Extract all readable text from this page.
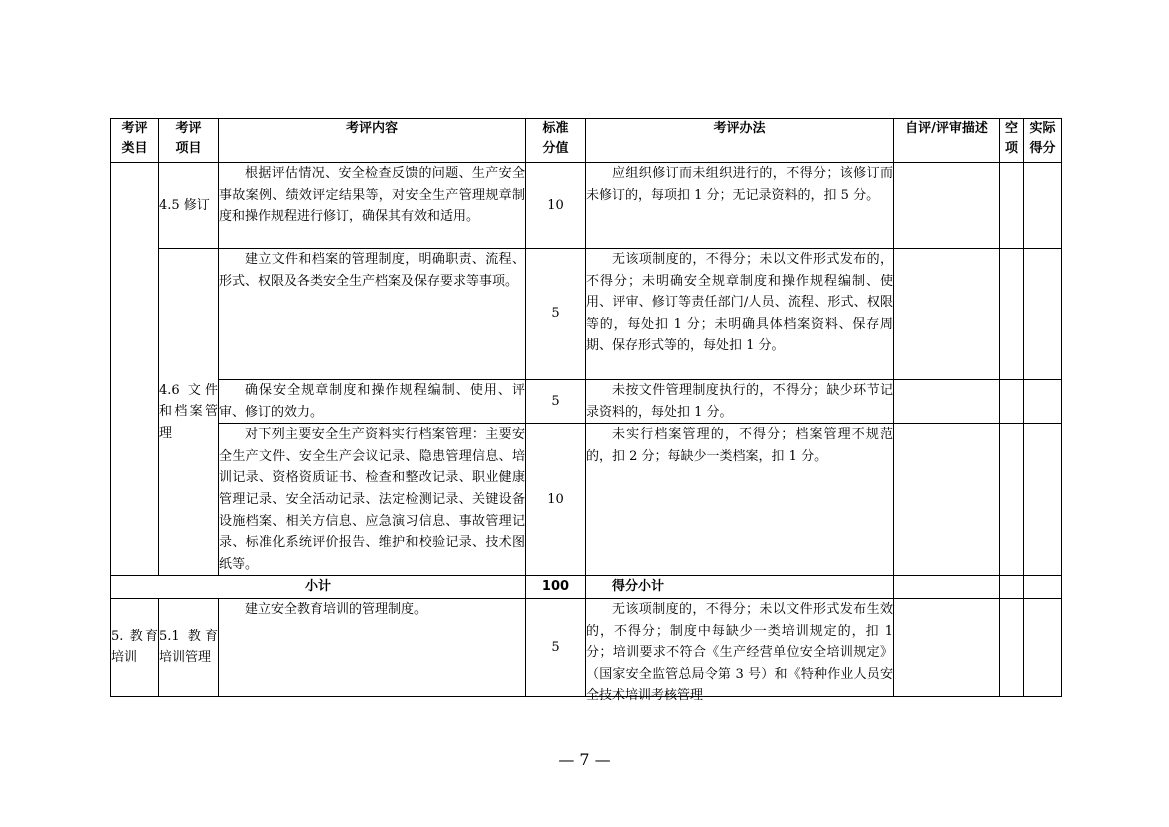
考评类目	考评项目	考评内容	标准分值	考评办法	自评/评审描述	空项	实际得分
	4.5 修订	根据评估情况、安全检查反馈的问题、生产安全事故案例、绩效评定结果等，对安全生产管理规章制度和操作规程进行修订，确保其有效和适用。	10	应组织修订而未组织进行的，不得分；该修订而未修订的，每项扣 1 分；无记录资料的，扣 5 分。			
	4.6 文件和档案管理	建立文件和档案的管理制度，明确职责、流程、形式、权限及各类安全生产档案及保存要求等事项。	5	无该项制度的，不得分；未以文件形式发布的，不得分；未明确安全规章制度和操作规程编制、使用、评审、修订等责任部门/人员、流程、形式、权限等的，每处扣 1 分；未明确具体档案资料、保存周期、保存形式等的，每处扣 1 分。			
		确保安全规章制度和操作规程编制、使用、评审、修订的效力。	5	未按文件管理制度执行的，不得分；缺少环节记录资料的，每处扣 1 分。			
		对下列主要安全生产资料实行档案管理：主要安全生产文件、安全生产会议记录、隐患管理信息、培训记录、资格资质证书、检查和整改记录、职业健康管理记录、安全活动记录、法定检测记录、关键设备设施档案、相关方信息、应急演习信息、事故管理记录、标准化系统评价报告、维护和校验记录、技术图纸等。	10	未实行档案管理的，不得分；档案管理不规范的，扣 2 分；每缺少一类档案，扣 1 分。			
小计			100	得分小计			
5. 教育培训	5.1 教育培训管理	建立安全教育培训的管理制度。	5	无该项制度的，不得分；未以文件形式发布生效的，不得分；制度中每缺少一类培训规定的，扣 1 分；培训要求不符合《生产经营单位安全培训规定》（国家安全监管总局令第 3 号）和《特种作业人员安全技术培训考核管理			

— 7 —
